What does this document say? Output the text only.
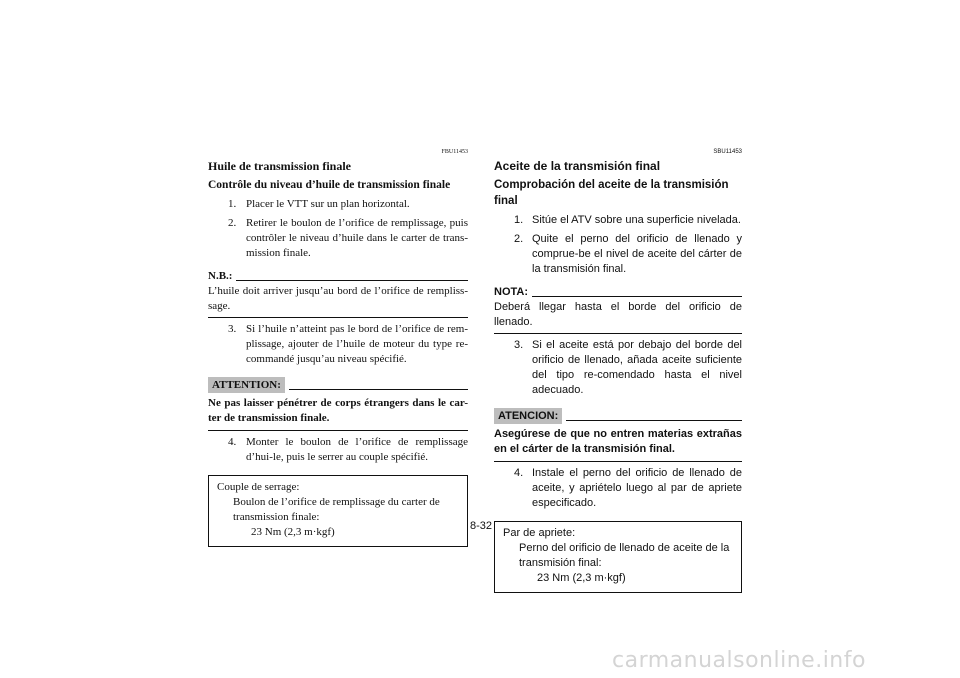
FBU11453
Huile de transmission finale
Contrôle du niveau d’huile de transmission finale
1. Placer le VTT sur un plan horizontal.
2. Retirer le boulon de l’orifice de remplissage, puis contrôler le niveau d’huile dans le carter de trans-mission finale.
N.B.:
L’huile doit arriver jusqu’au bord de l’orifice de rempliss-sage.
3. Si l’huile n’atteint pas le bord de l’orifice de rem-plissage, ajouter de l’huile de moteur du type re-commandé jusqu’au niveau spécifié.
ATTENTION:
Ne pas laisser pénétrer de corps étrangers dans le car-ter de transmission finale.
4. Monter le boulon de l’orifice de remplissage d’hui-le, puis le serrer au couple spécifié.
Couple de serrage:
Boulon de l’orifice de remplissage du carter de transmission finale:
23 Nm (2,3 m·kgf)
SBU11453
Aceite de la transmisión final
Comprobación del aceite de la transmisión final
1. Sitúe el ATV sobre una superficie nivelada.
2. Quite el perno del orificio de llenado y comprue-be el nivel de aceite del cárter de la transmisión final.
NOTA:
Deberá llegar hasta el borde del orificio de llenado.
3. Si el aceite está por debajo del borde del orificio de llenado, añada aceite suficiente del tipo re-comendado hasta el nivel adecuado.
ATENCION:
Asegúrese de que no entren materias extrañas en el cárter de la transmisión final.
4. Instale el perno del orificio de llenado de aceite, y apriételo luego al par de apriete especificado.
Par de apriete:
Perno del orificio de llenado de aceite de la transmisión final:
23 Nm (2,3 m·kgf)
8-32
carmanualsonline.info
